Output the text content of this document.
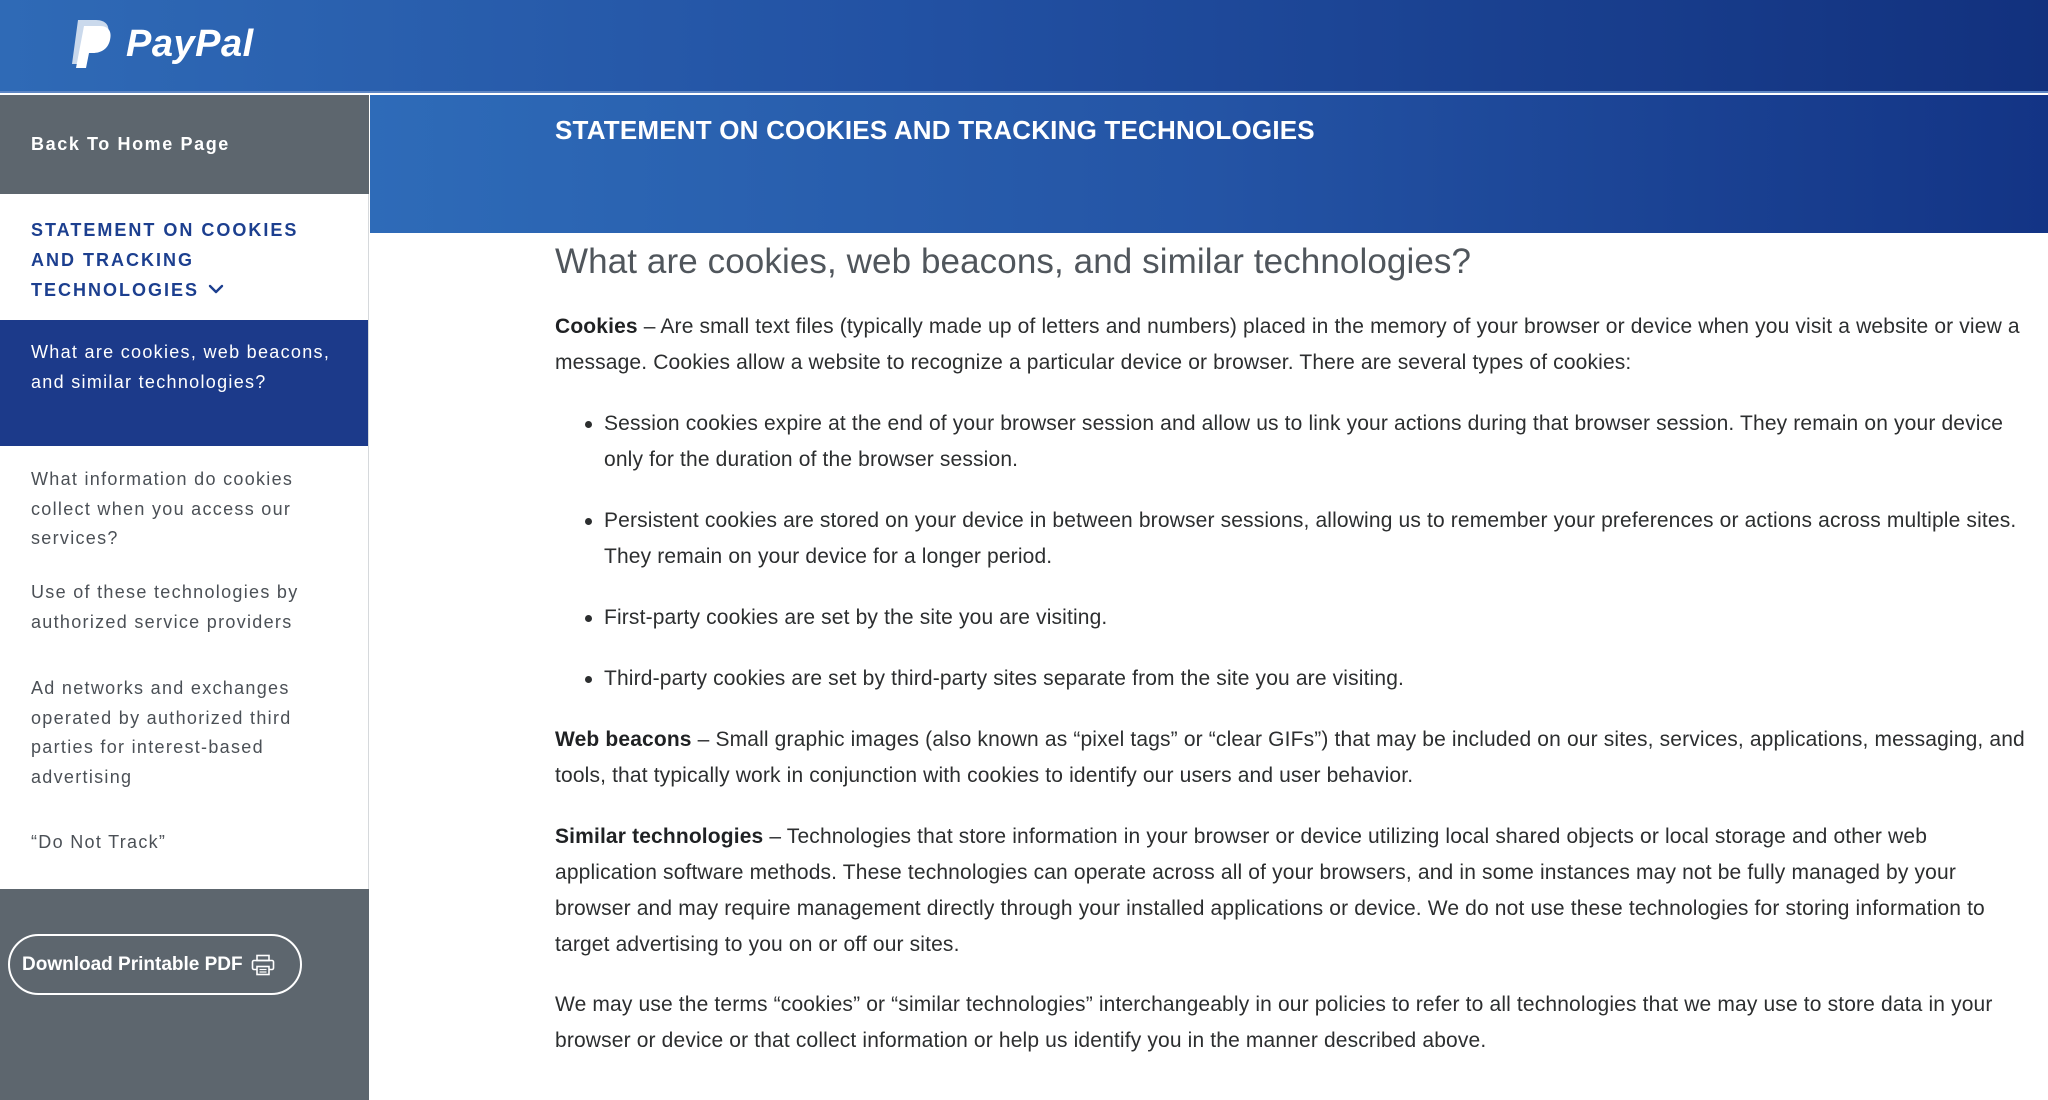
PayPal
Back To Home Page
STATEMENT ON COOKIES AND TRACKING TECHNOLOGIES
What are cookies, web beacons, and similar technologies?
What information do cookies collect when you access our services?
Use of these technologies by authorized service providers
Ad networks and exchanges operated by authorized third parties for interest-based advertising
“Do Not Track”
Download Printable PDF
STATEMENT ON COOKIES AND TRACKING TECHNOLOGIES
What are cookies, web beacons, and similar technologies?

Cookies – Are small text files (typically made up of letters and numbers) placed in the memory of your browser or device when you visit a website or view a message. Cookies allow a website to recognize a particular device or browser. There are several types of cookies:

Session cookies expire at the end of your browser session and allow us to link your actions during that browser session. They remain on your device only for the duration of the browser session.
Persistent cookies are stored on your device in between browser sessions, allowing us to remember your preferences or actions across multiple sites. They remain on your device for a longer period.
First-party cookies are set by the site you are visiting.
Third-party cookies are set by third-party sites separate from the site you are visiting.

Web beacons – Small graphic images (also known as “pixel tags” or “clear GIFs”) that may be included on our sites, services, applications, messaging, and tools, that typically work in conjunction with cookies to identify our users and user behavior.

Similar technologies – Technologies that store information in your browser or device utilizing local shared objects or local storage and other web application software methods. These technologies can operate across all of your browsers, and in some instances may not be fully managed by your browser and may require management directly through your installed applications or device. We do not use these technologies for storing information to target advertising to you on or off our sites.

We may use the terms “cookies” or “similar technologies” interchangeably in our policies to refer to all technologies that we may use to store data in your browser or device or that collect information or help us identify you in the manner described above.
